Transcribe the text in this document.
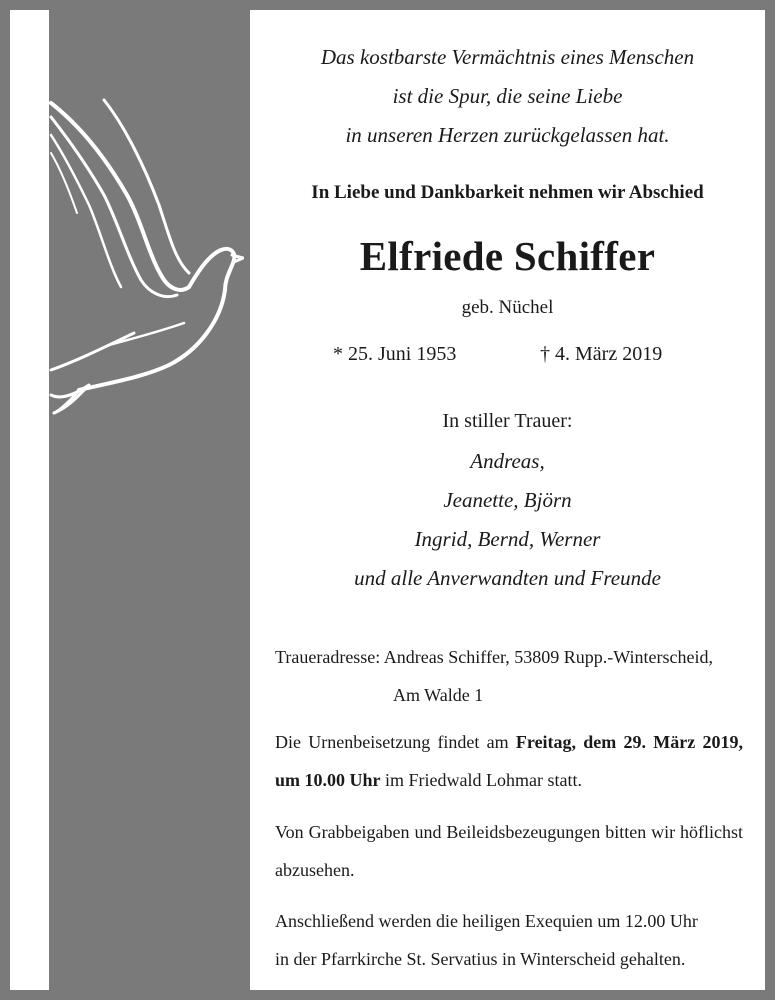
Das kostbarste Vermächtnis eines Menschen
ist die Spur, die seine Liebe
in unseren Herzen zurückgelassen hat.
In Liebe und Dankbarkeit nehmen wir Abschied
Elfriede Schiffer
geb. Nüchel
* 25. Juni 1953	† 4. März 2019
In stiller Trauer:
Andreas,
Jeanette, Björn
Ingrid, Bernd, Werner
und alle Anverwandten und Freunde
Traueradresse: Andreas Schiffer, 53809 Rupp.-Winterscheid,
Am Walde 1
Die Urnenbeisetzung findet am Freitag, dem 29. März 2019, um 10.00 Uhr im Friedwald Lohmar statt.
Von Grabbeigaben und Beileidsbezeugungen bitten wir höflichst abzusehen.
Anschließend werden die heiligen Exequien um 12.00 Uhr
in der Pfarrkirche St. Servatius in Winterscheid gehalten.
